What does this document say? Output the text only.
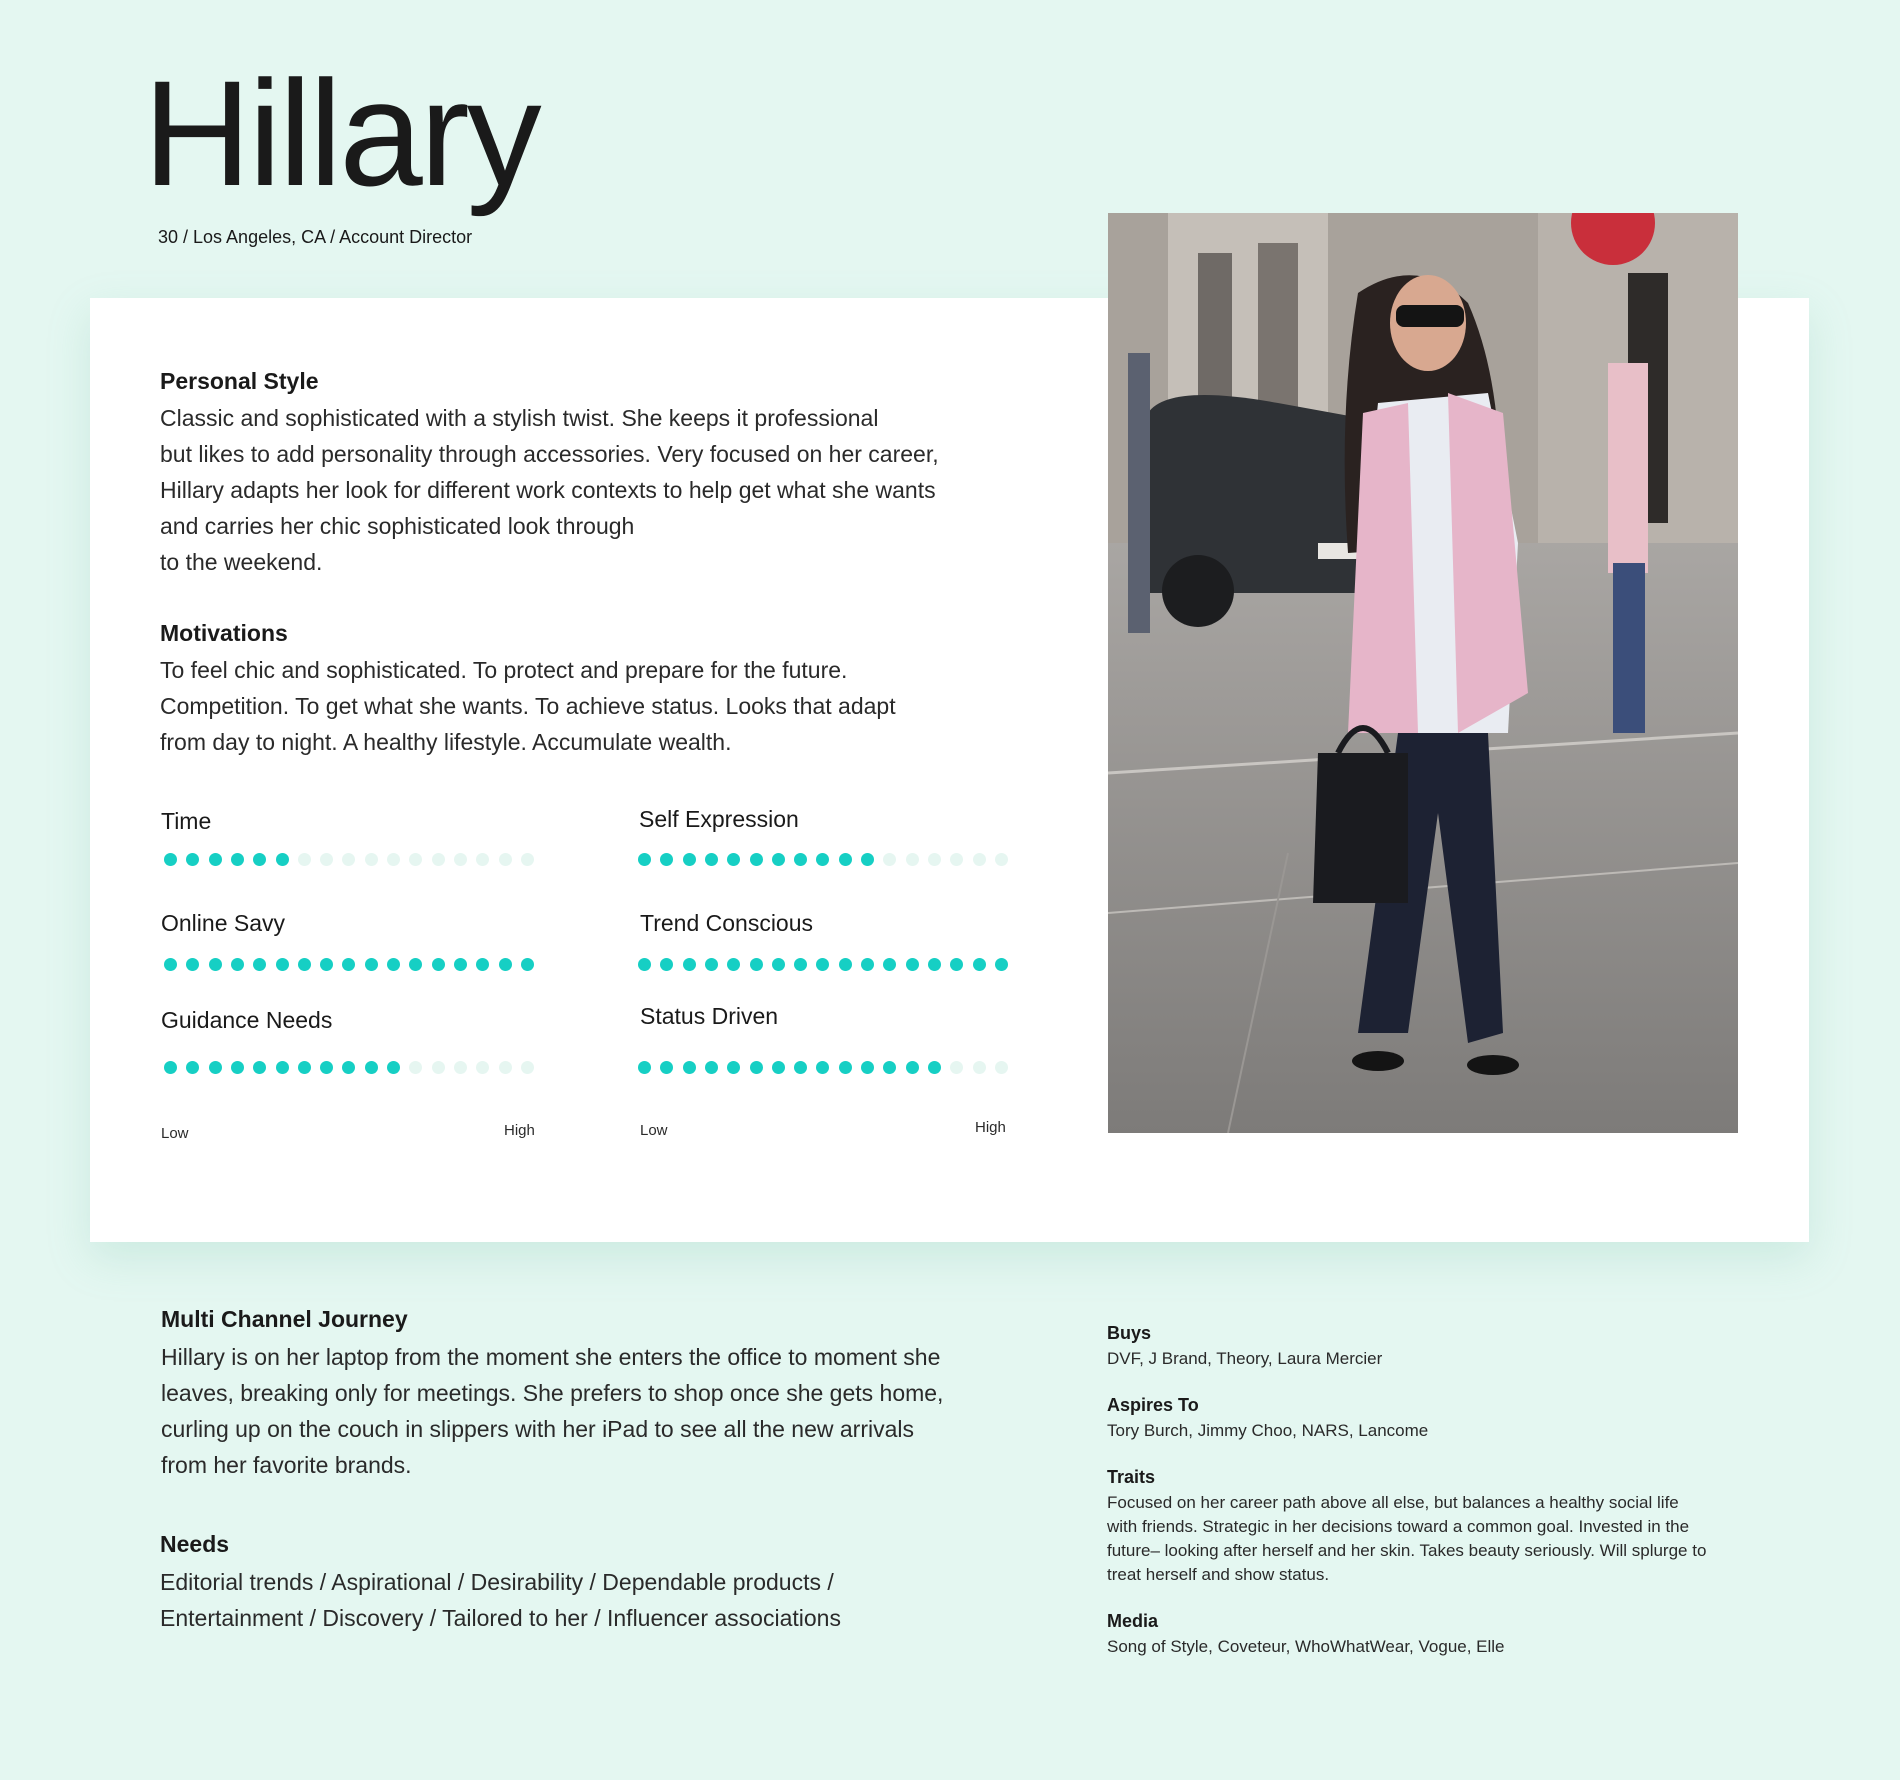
Hillary
30 / Los Angeles, CA / Account Director
Personal Style

Classic and sophisticated with a stylish twist. She keeps it professional
but likes to add personality through accessories. Very focused on her career,
Hillary adapts her look for different work contexts to help get what she wants
and carries her chic sophisticated look through
to the weekend.

Motivations

To feel chic and sophisticated. To protect and prepare for the future.
Competition. To get what she wants. To achieve status. Looks that adapt
from day to night. A healthy lifestyle. Accumulate wealth.

Time	Self Expression
Online Savy	Trend Conscious
Guidance Needs	Status Driven
Low	High	Low	High
Multi Channel Journey

Hillary is on her laptop from the moment she enters the office to moment she
leaves, breaking only for meetings. She prefers to shop once she gets home,
curling up on the couch in slippers with her iPad to see all the new arrivals
from her favorite brands.

Needs

Editorial trends / Aspirational / Desirability / Dependable products /
Entertainment / Discovery / Tailored to her / Influencer associations

Buys

DVF, J Brand, Theory, Laura Mercier

Aspires To

Tory Burch, Jimmy Choo, NARS, Lancome

Traits

Focused on her career path above all else, but balances a healthy social life
with friends. Strategic in her decisions toward a common goal. Invested in the
future– looking after herself and her skin. Takes beauty seriously. Will splurge to
treat herself and show status.

Media

Song of Style, Coveteur, WhoWhatWear, Vogue, Elle
